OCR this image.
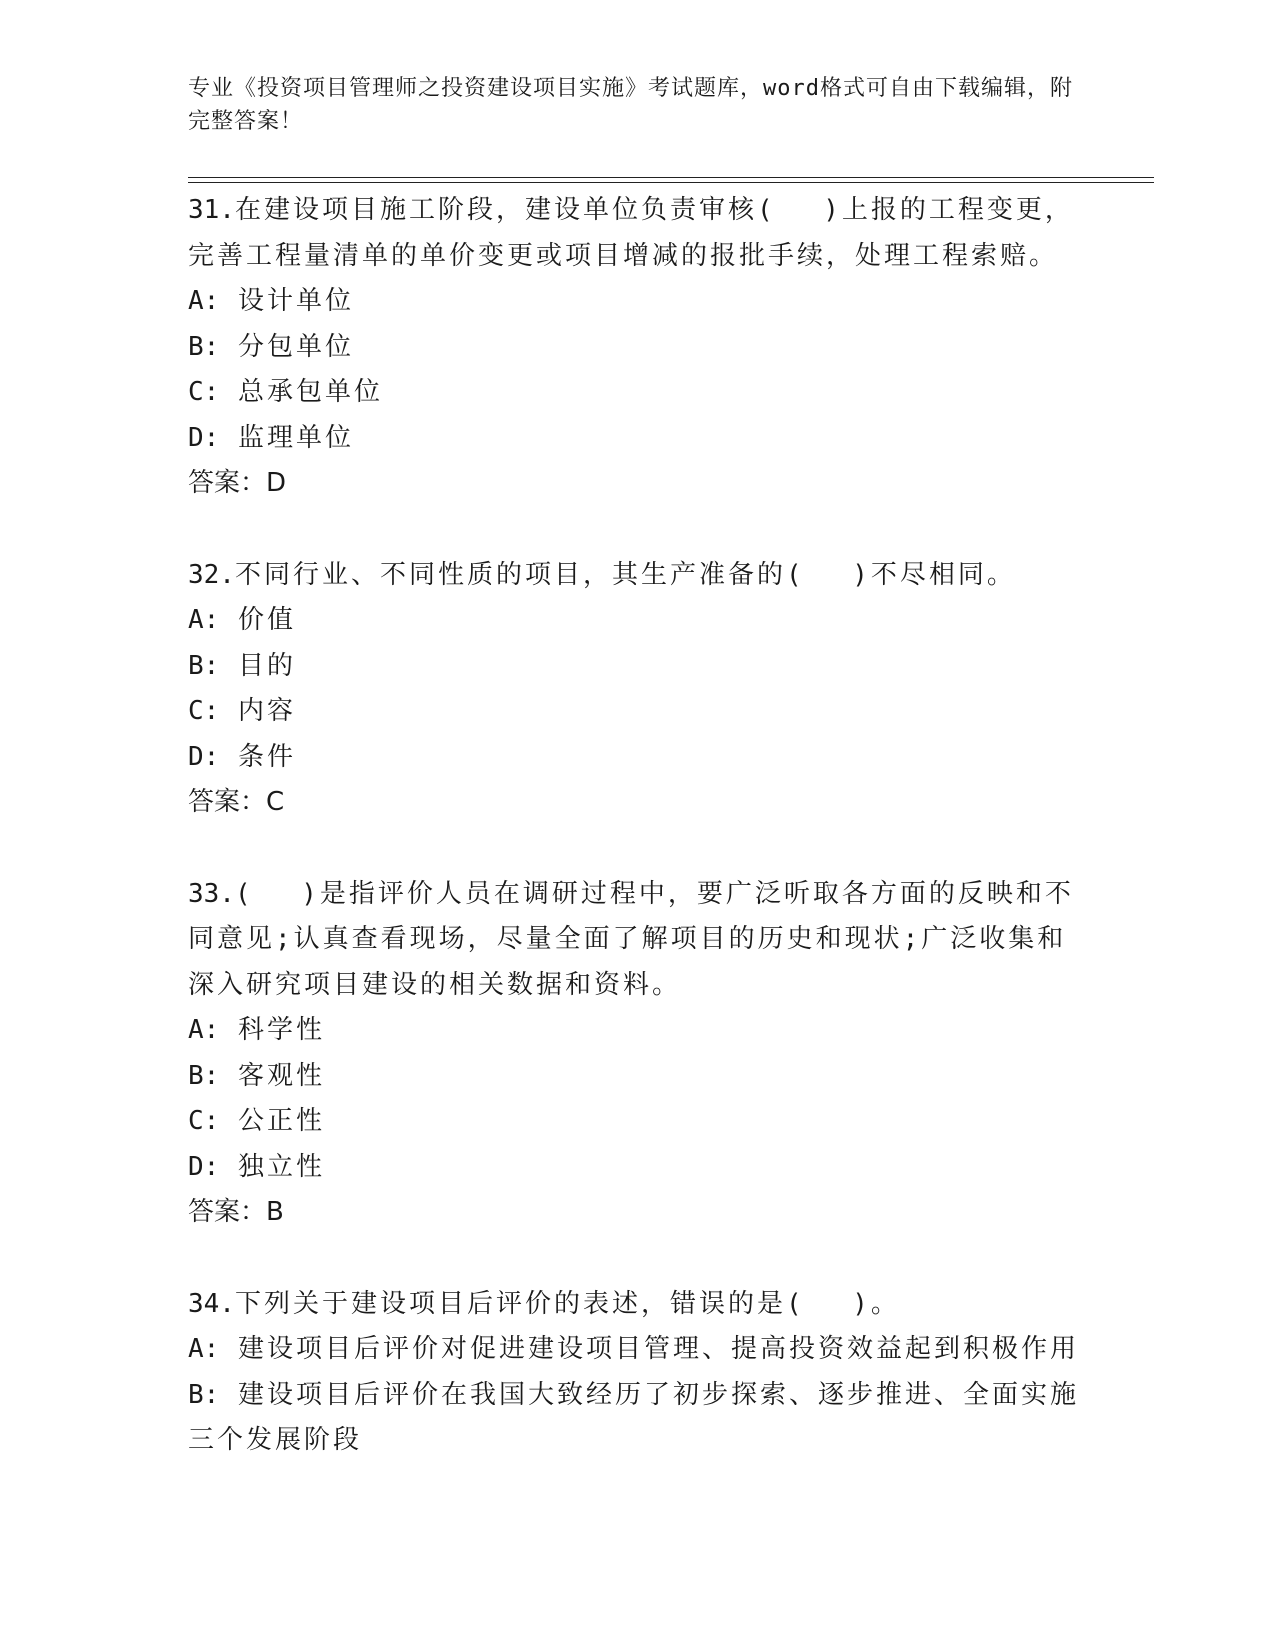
专业《投资项目管理师之投资建设项目实施》考试题库，word格式可自由下载编辑，附完整答案！
31.在建设项目施工阶段，建设单位负责审核(　 )上报的工程变更，
完善工程量清单的单价变更或项目增减的报批手续，处理工程索赔。
A: 设计单位
B: 分包单位
C: 总承包单位
D: 监理单位
答案：D
32.不同行业、不同性质的项目，其生产准备的(　 )不尽相同。
A: 价值
B: 目的
C: 内容
D: 条件
答案：C
33.(　 )是指评价人员在调研过程中，要广泛听取各方面的反映和不
同意见;认真查看现场，尽量全面了解项目的历史和现状;广泛收集和
深入研究项目建设的相关数据和资料。
A: 科学性
B: 客观性
C: 公正性
D: 独立性
答案：B
34.下列关于建设项目后评价的表述，错误的是(　 )。
A: 建设项目后评价对促进建设项目管理、提高投资效益起到积极作用
B: 建设项目后评价在我国大致经历了初步探索、逐步推进、全面实施
三个发展阶段
